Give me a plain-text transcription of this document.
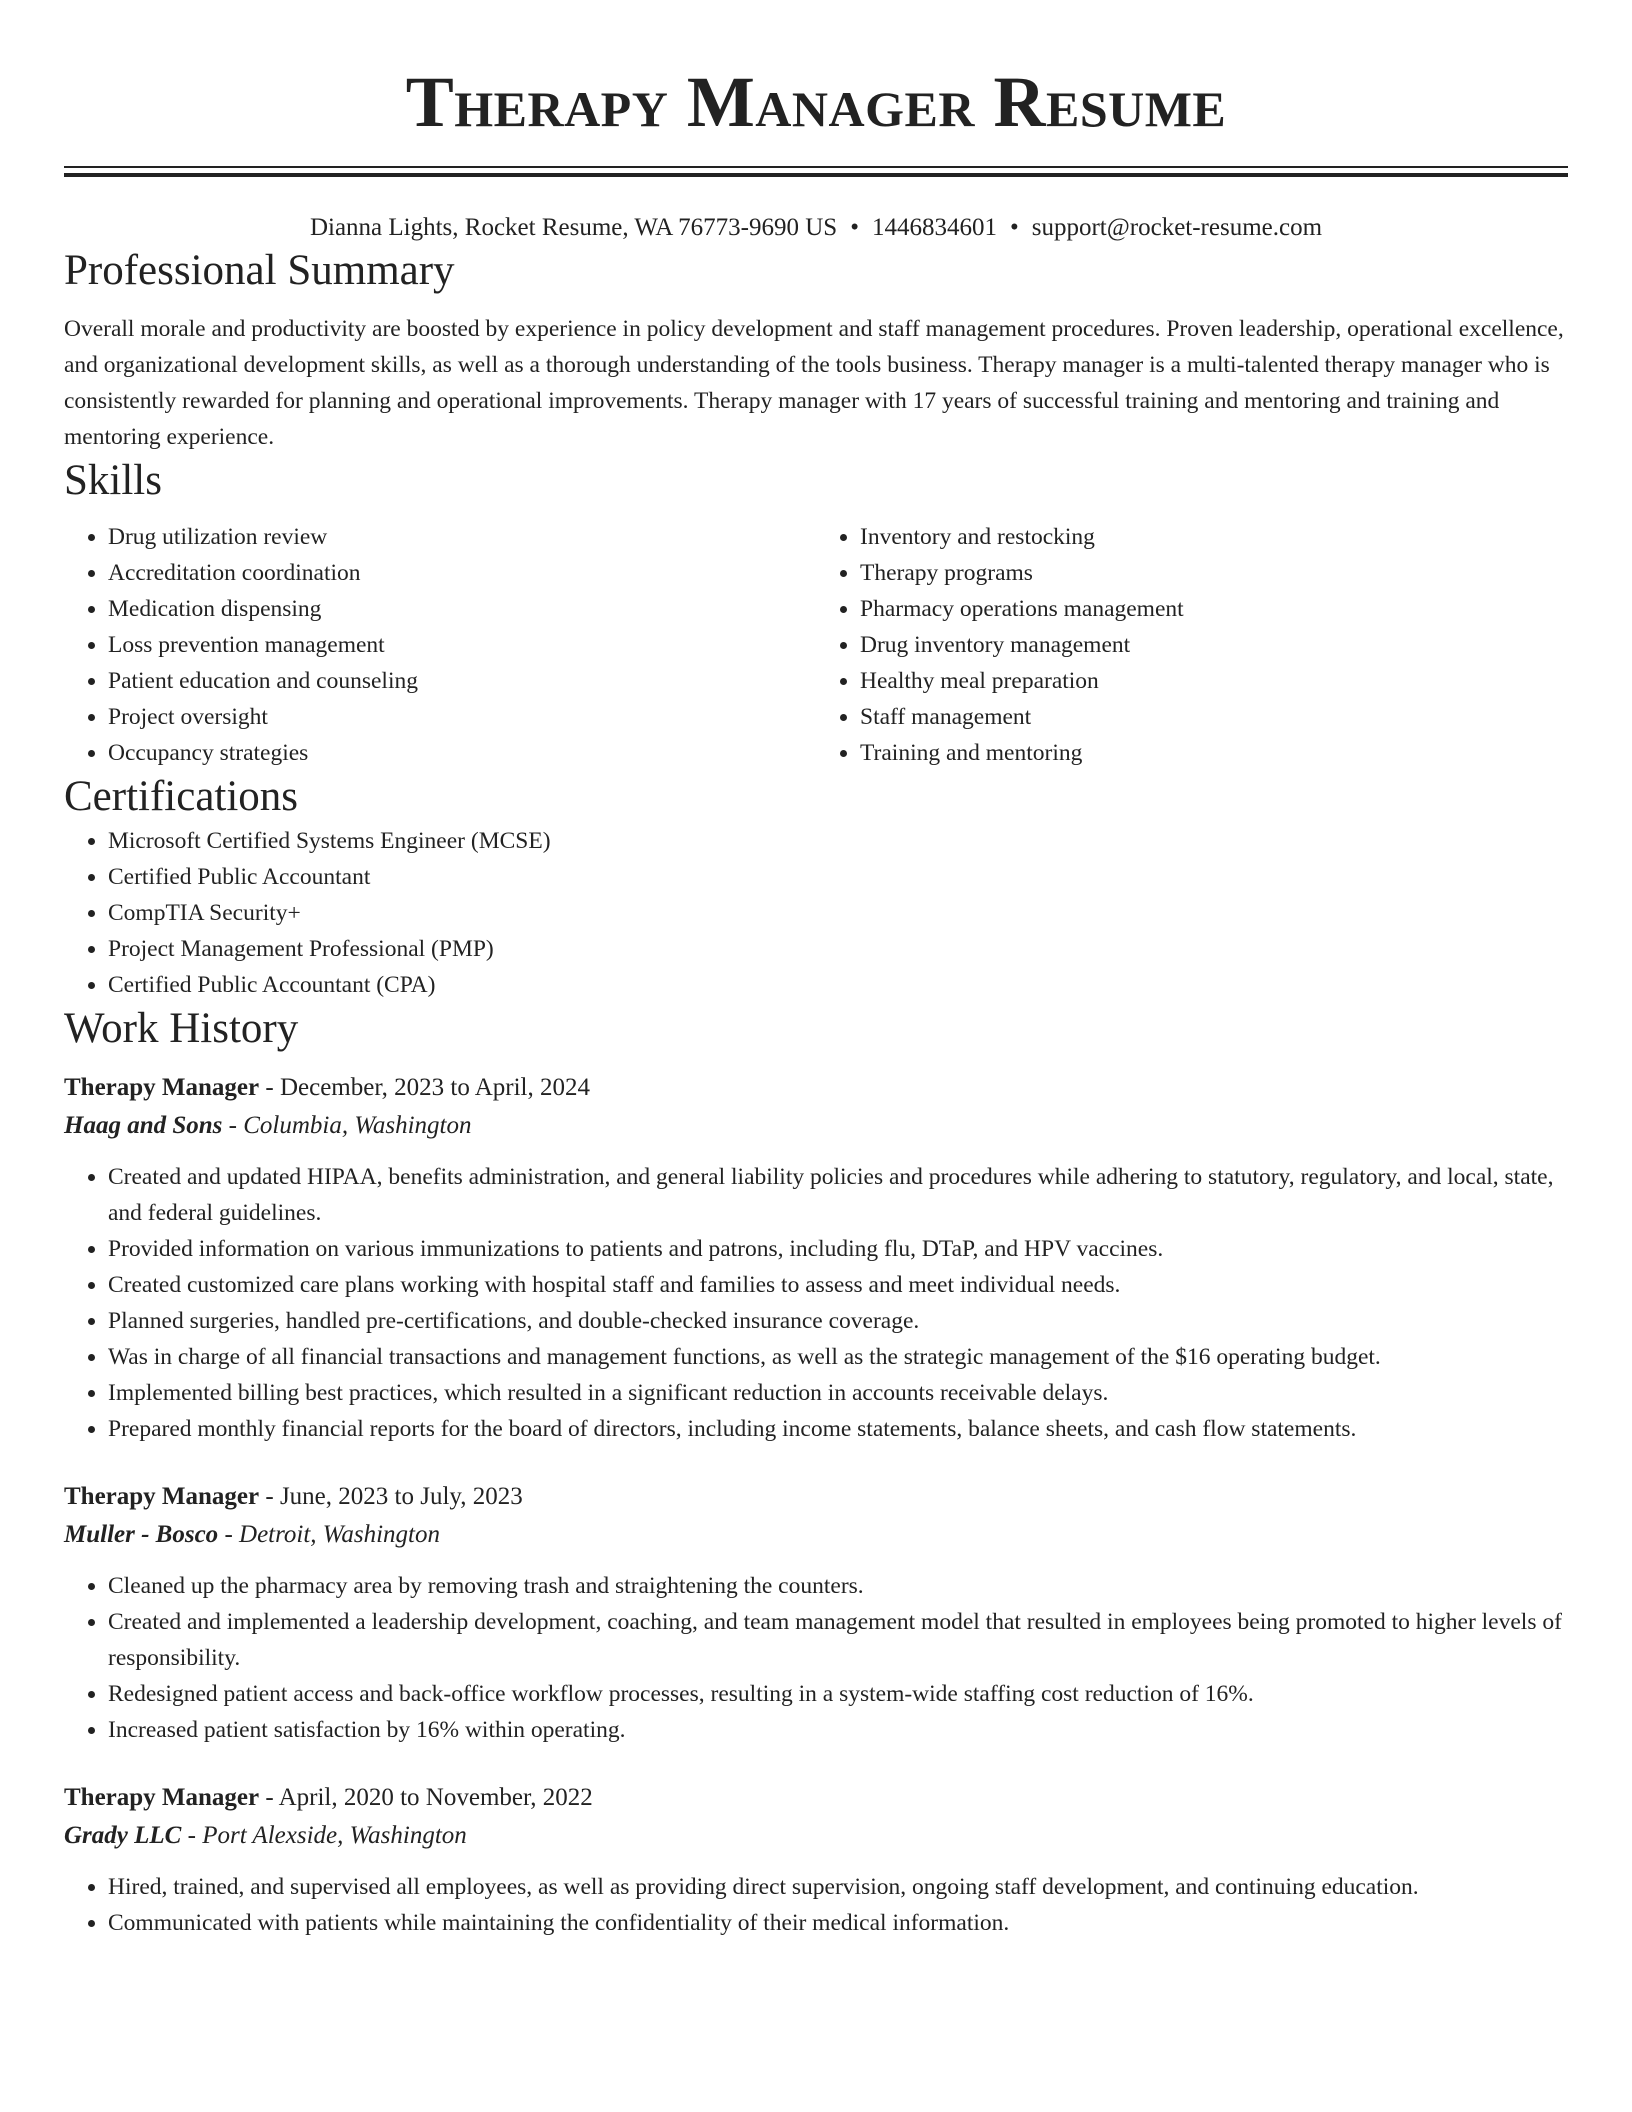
Therapy Manager Resume
Dianna Lights, Rocket Resume, WA 76773-9690 US • 1446834601 • support@rocket-resume.com
Professional Summary

Overall morale and productivity are boosted by experience in policy development and staff management procedures. Proven leadership, operational excellence, and organizational development skills, as well as a thorough understanding of the tools business. Therapy manager is a multi-talented therapy manager who is consistently rewarded for planning and operational improvements. Therapy manager with 17 years of successful training and mentoring and training and mentoring experience.

Skills
• Drug utilization review
• Accreditation coordination
• Medication dispensing
• Loss prevention management
• Patient education and counseling
• Project oversight
• Occupancy strategies
• Inventory and restocking
• Therapy programs
• Pharmacy operations management
• Drug inventory management
• Healthy meal preparation
• Staff management
• Training and mentoring
Certifications
• Microsoft Certified Systems Engineer (MCSE)
• Certified Public Accountant
• CompTIA Security+
• Project Management Professional (PMP)
• Certified Public Accountant (CPA)
Work History
Therapy Manager - December, 2023 to April, 2024
Haag and Sons - Columbia, Washington
• Created and updated HIPAA, benefits administration, and general liability policies and procedures while adhering to statutory, regulatory, and local, state, and federal guidelines.
• Provided information on various immunizations to patients and patrons, including flu, DTaP, and HPV vaccines.
• Created customized care plans working with hospital staff and families to assess and meet individual needs.
• Planned surgeries, handled pre-certifications, and double-checked insurance coverage.
• Was in charge of all financial transactions and management functions, as well as the strategic management of the $16 operating budget.
• Implemented billing best practices, which resulted in a significant reduction in accounts receivable delays.
• Prepared monthly financial reports for the board of directors, including income statements, balance sheets, and cash flow statements.
Therapy Manager - June, 2023 to July, 2023
Muller - Bosco - Detroit, Washington
• Cleaned up the pharmacy area by removing trash and straightening the counters.
• Created and implemented a leadership development, coaching, and team management model that resulted in employees being promoted to higher levels of responsibility.
• Redesigned patient access and back-office workflow processes, resulting in a system-wide staffing cost reduction of 16%.
• Increased patient satisfaction by 16% within operating.
Therapy Manager - April, 2020 to November, 2022
Grady LLC - Port Alexside, Washington
• Hired, trained, and supervised all employees, as well as providing direct supervision, ongoing staff development, and continuing education.
• Communicated with patients while maintaining the confidentiality of their medical information.
